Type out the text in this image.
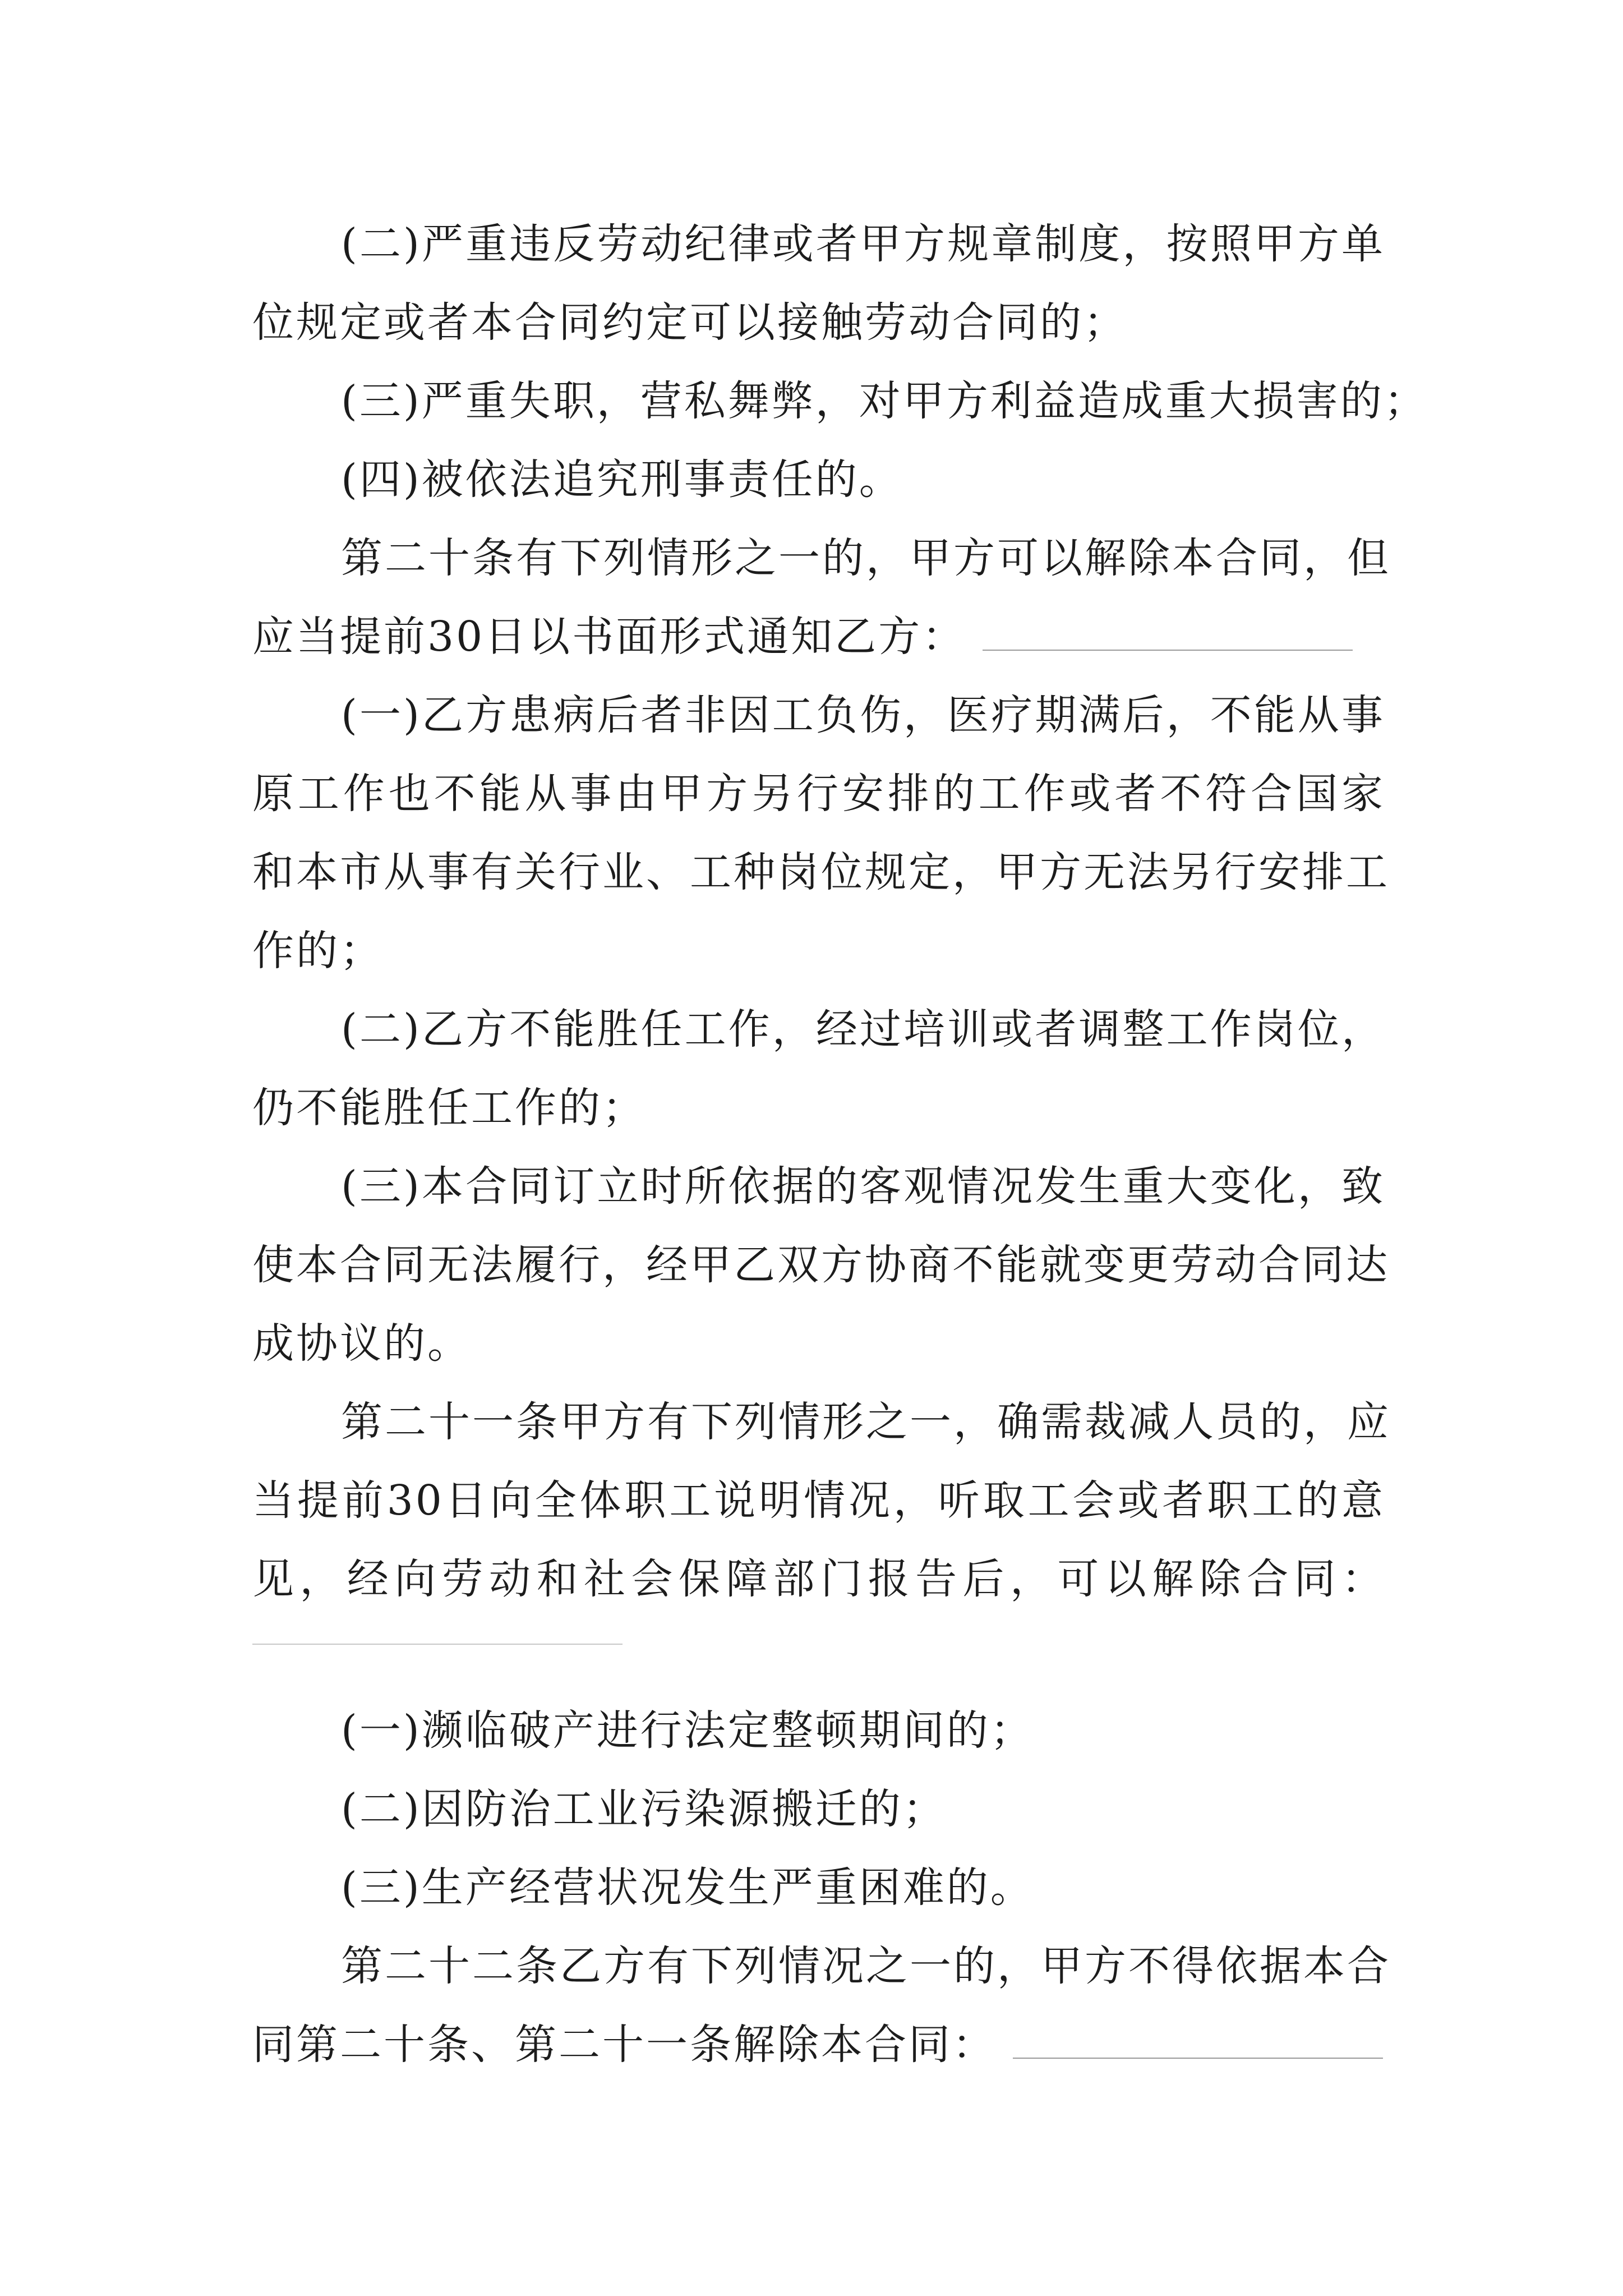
(二)严重违反劳动纪律或者甲方规章制度，按照甲方单
位规定或者本合同约定可以接触劳动合同的；
(三)严重失职，营私舞弊，对甲方利益造成重大损害的；
(四)被依法追究刑事责任的。
第二十条有下列情形之一的，甲方可以解除本合同，但
应当提前30日以书面形式通知乙方：
(一)乙方患病后者非因工负伤，医疗期满后，不能从事
原工作也不能从事由甲方另行安排的工作或者不符合国家
和本市从事有关行业、工种岗位规定，甲方无法另行安排工
作的；
(二)乙方不能胜任工作，经过培训或者调整工作岗位，
仍不能胜任工作的；
(三)本合同订立时所依据的客观情况发生重大变化，致
使本合同无法履行，经甲乙双方协商不能就变更劳动合同达
成协议的。
第二十一条甲方有下列情形之一，确需裁减人员的，应
当提前30日向全体职工说明情况，听取工会或者职工的意
见，经向劳动和社会保障部门报告后，可以解除合同：
(一)濒临破产进行法定整顿期间的；
(二)因防治工业污染源搬迁的；
(三)生产经营状况发生严重困难的。
第二十二条乙方有下列情况之一的，甲方不得依据本合
同第二十条、第二十一条解除本合同：
